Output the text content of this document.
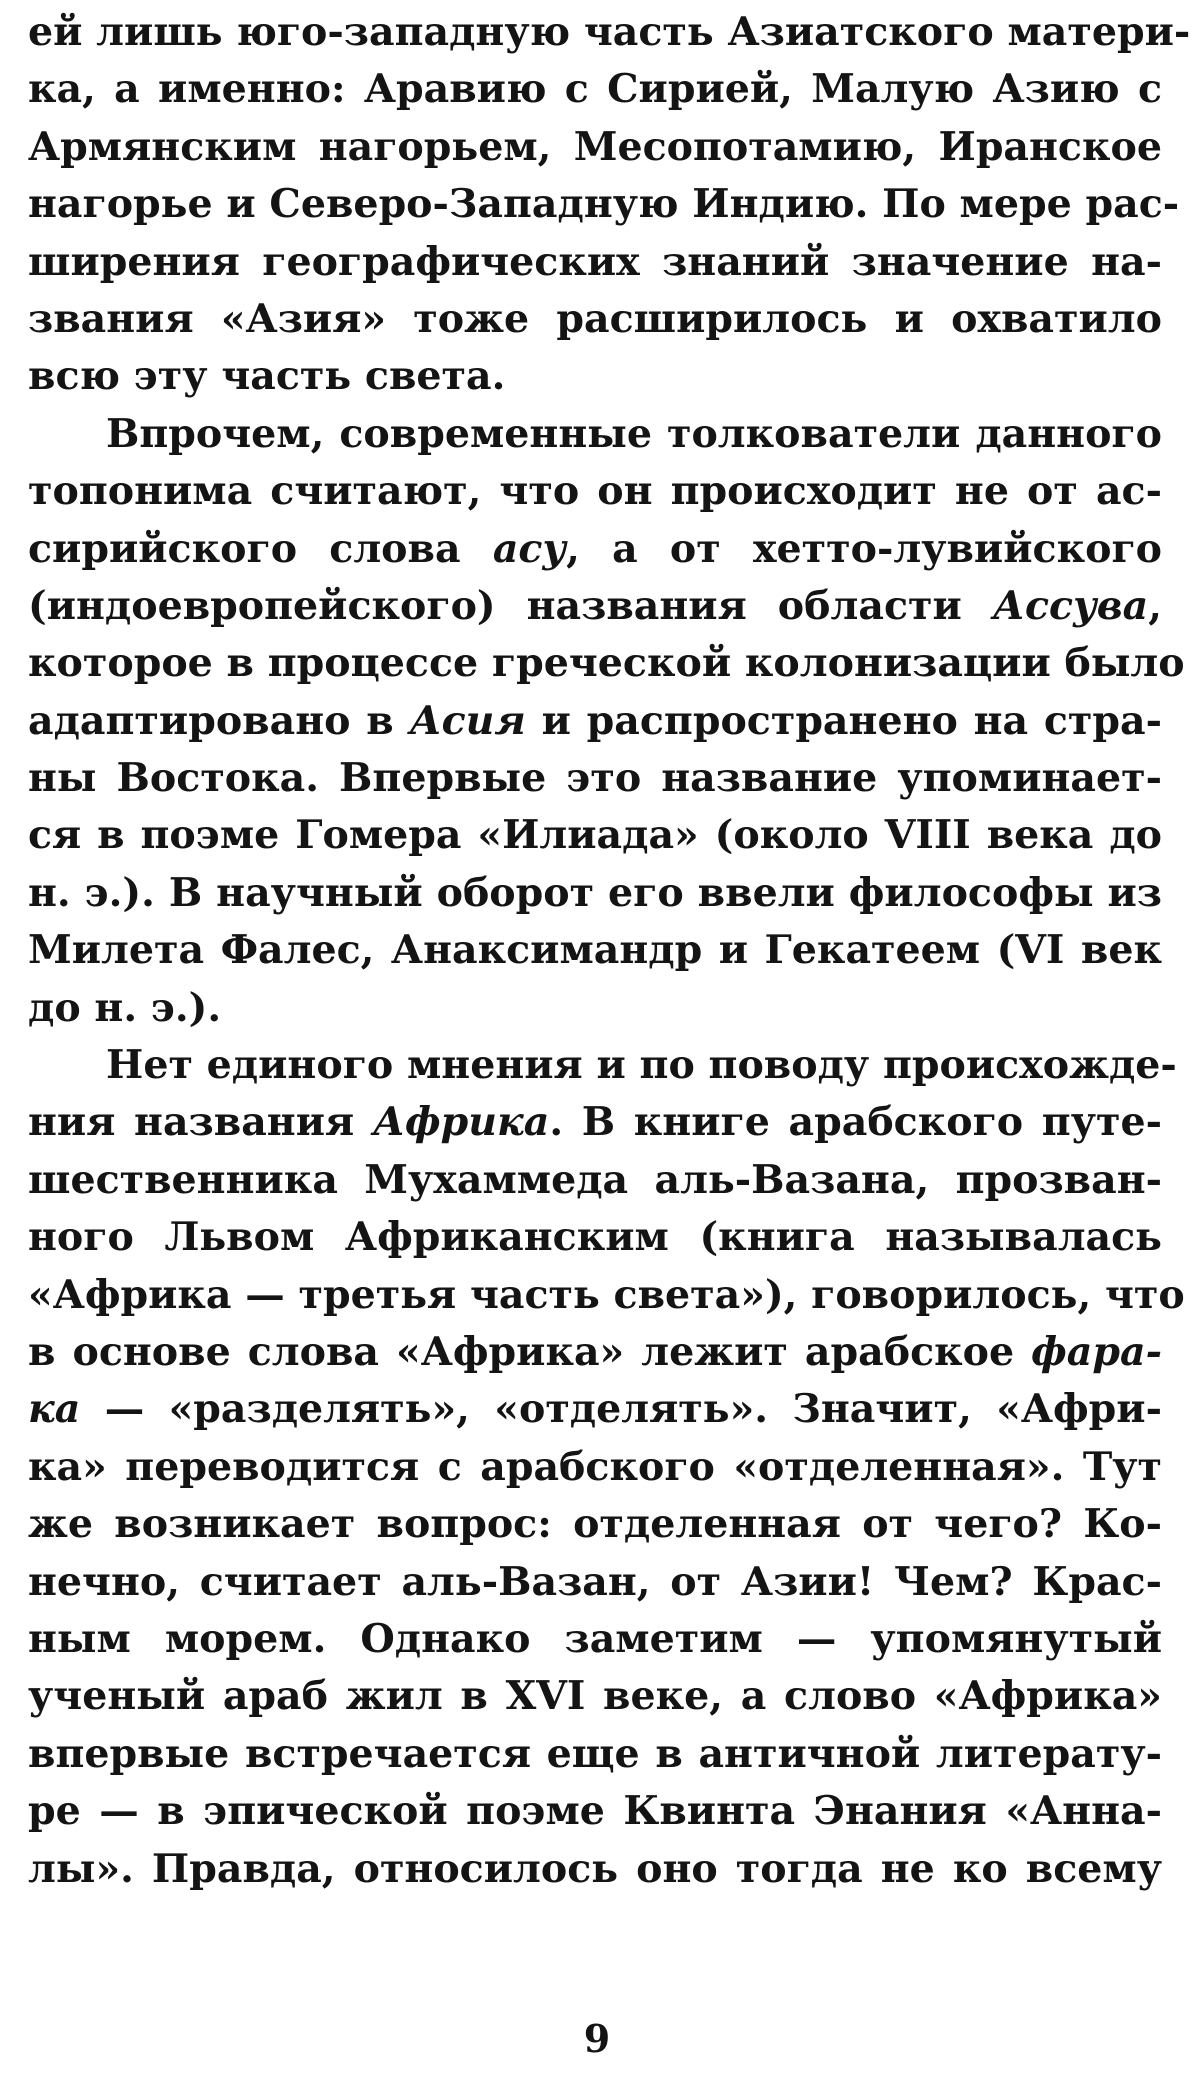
ей лишь юго-западную часть Азиатского матери-
ка, а именно: Аравию с Сирией, Малую Азию с
Армянским нагорьем, Месопотамию, Иранское
нагорье и Северо-Западную Индию. По мере рас-
ширения географических знаний значение на-
звания «Азия» тоже расширилось и охватило
всю эту часть света.
Впрочем, современные толкователи данного
топонима считают, что он происходит не от ас-
сирийского слова асу, а от хетто-лувийского
(индоевропейского) названия области Ассува,
которое в процессе греческой колонизации было
адаптировано в Асия и распространено на стра-
ны Востока. Впервые это название упоминает-
ся в поэме Гомера «Илиада» (около VIII века до
н. э.). В научный оборот его ввели философы из
Милета Фалес, Анаксимандр и Гекатеем (VI век
до н. э.).
Нет единого мнения и по поводу происхожде-
ния названия Африка. В книге арабского путе-
шественника Мухаммеда аль-Вазана, прозван-
ного Львом Африканским (книга называлась
«Африка — третья часть света»), говорилось, что
в основе слова «Африка» лежит арабское фара-
ка — «разделять», «отделять». Значит, «Афри-
ка» переводится с арабского «отделенная». Тут
же возникает вопрос: отделенная от чего? Ко-
нечно, считает аль-Вазан, от Азии! Чем? Крас-
ным морем. Однако заметим — упомянутый
ученый араб жил в XVI веке, а слово «Африка»
впервые встречается еще в античной литерату-
ре — в эпической поэме Квинта Энания «Анна-
лы». Правда, относилось оно тогда не ко всему
9
